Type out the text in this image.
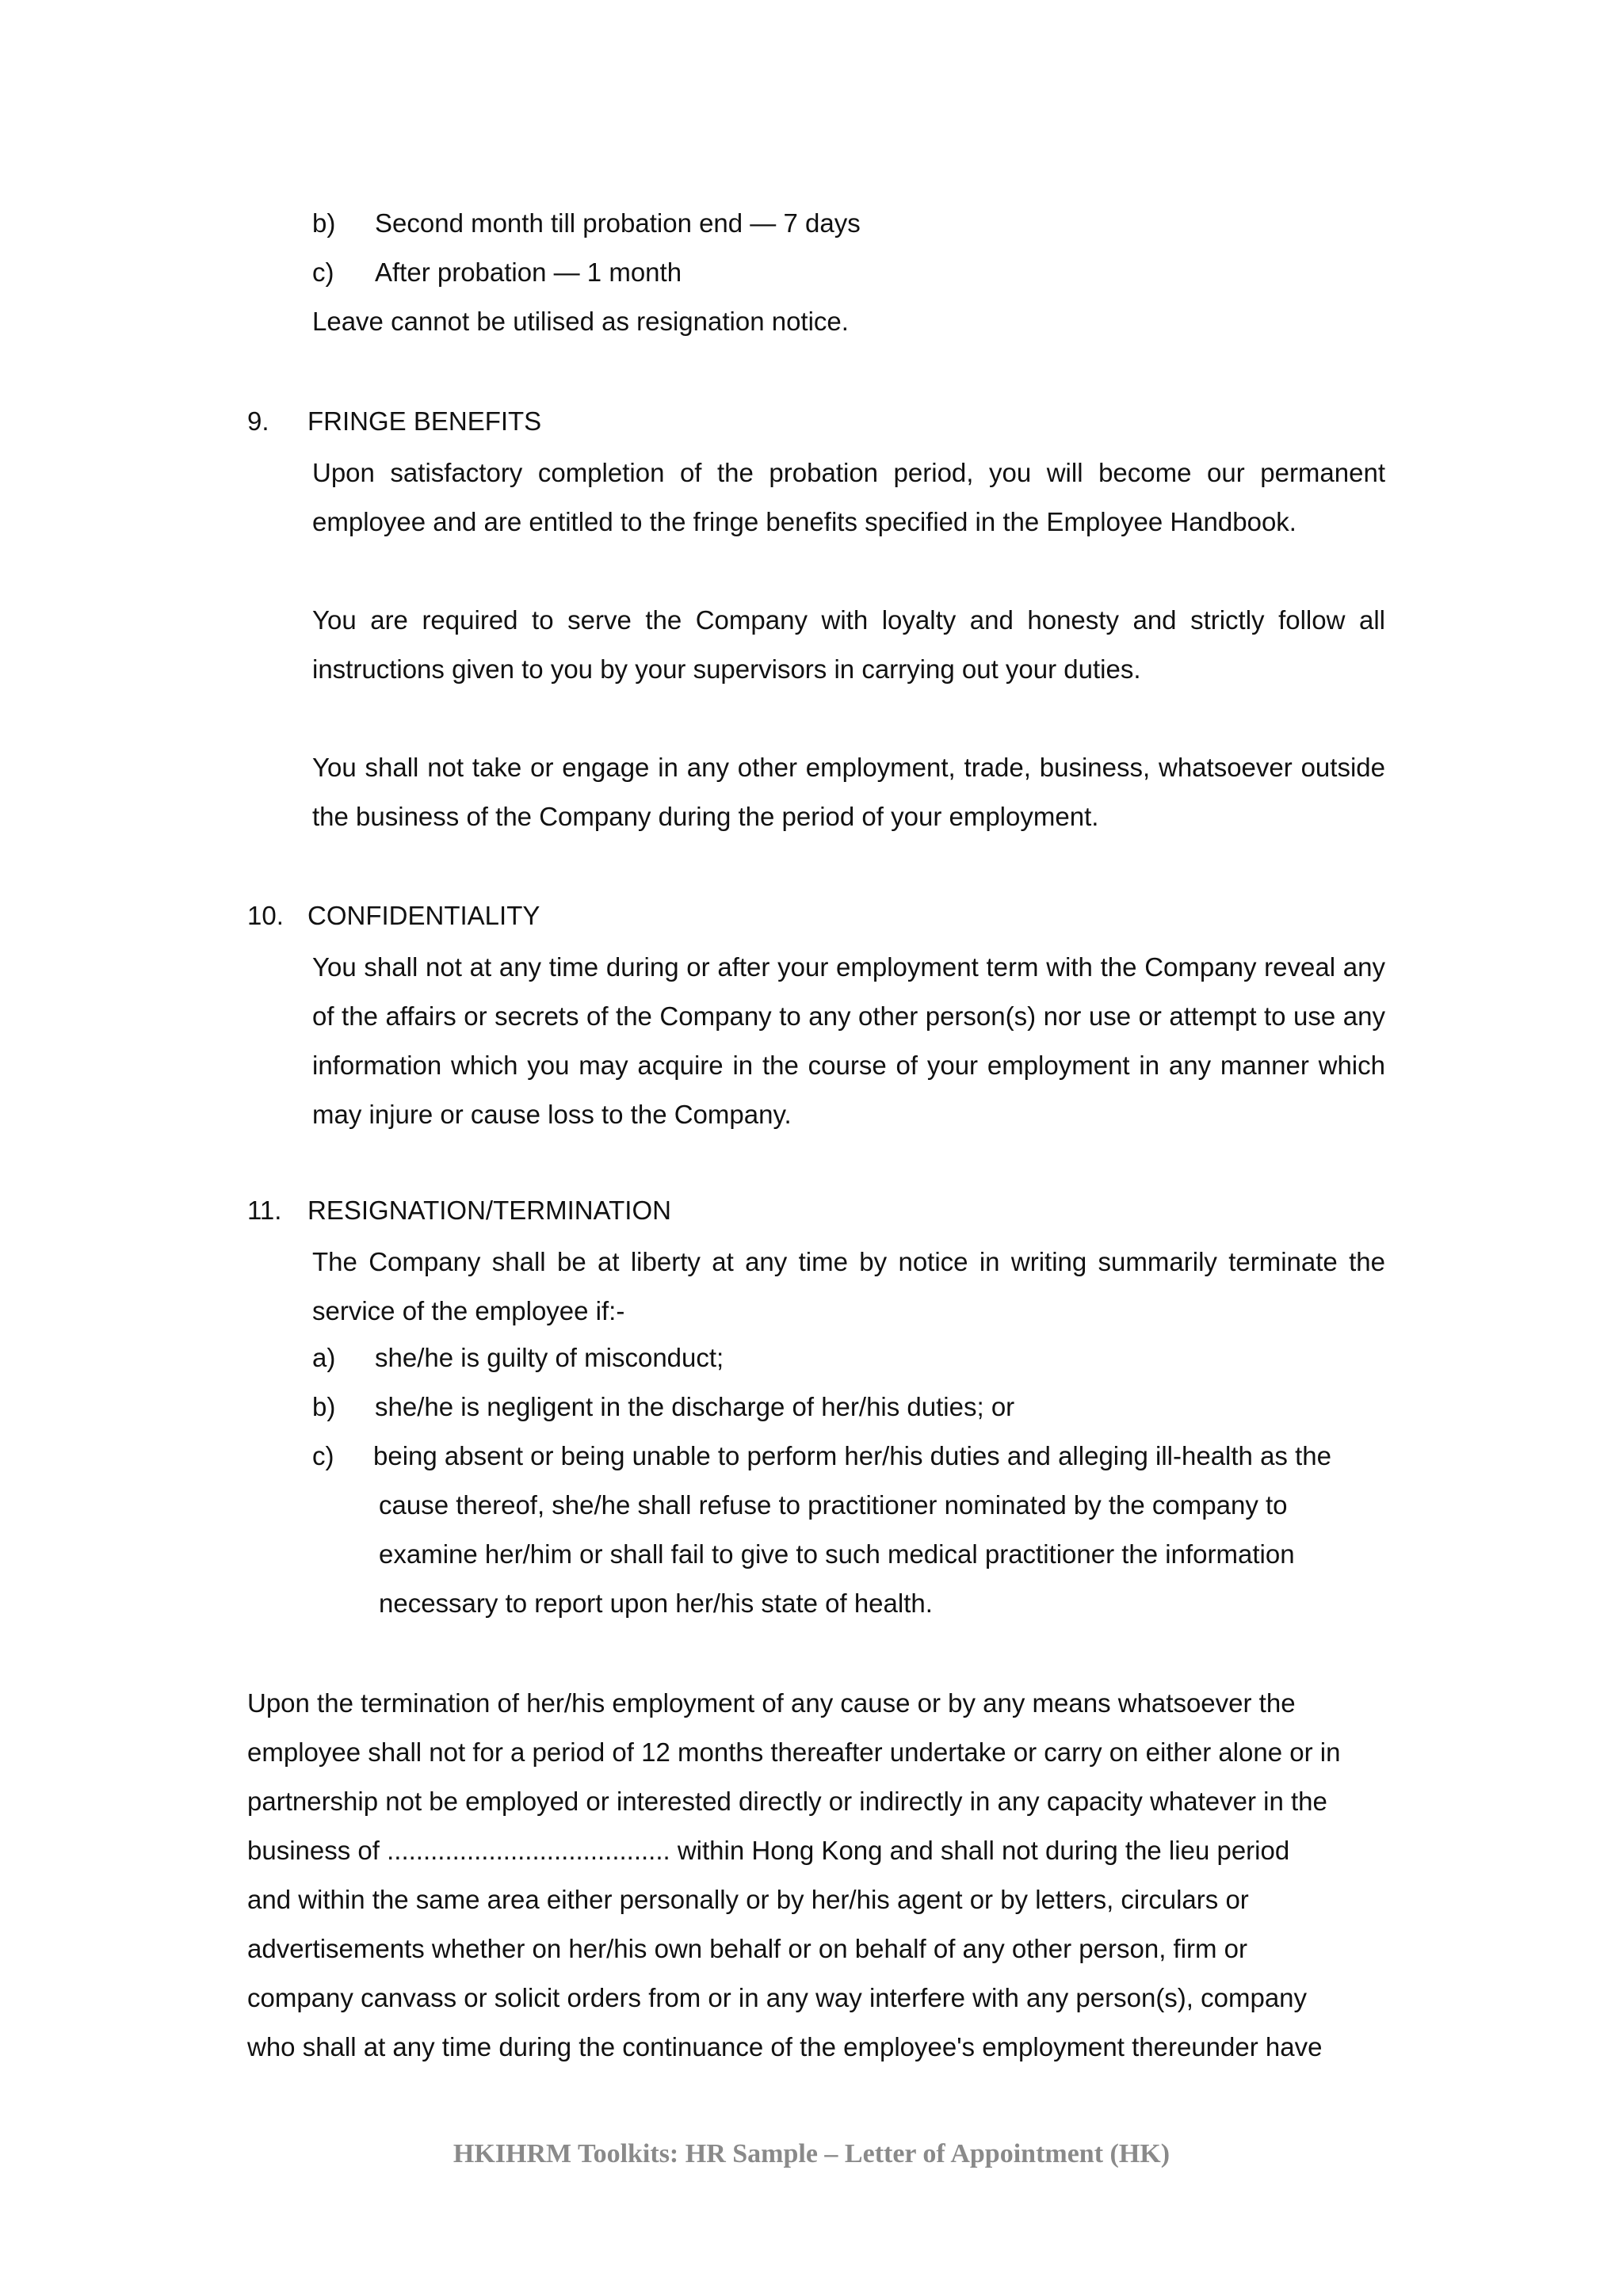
b) Second month till probation end — 7 days
c) After probation — 1 month
Leave cannot be utilised as resignation notice.
9. FRINGE BENEFITS
Upon satisfactory completion of the probation period, you will become our permanent employee and are entitled to the fringe benefits specified in the Employee Handbook.
You are required to serve the Company with loyalty and honesty and strictly follow all instructions given to you by your supervisors in carrying out your duties.
You shall not take or engage in any other employment, trade, business, whatsoever outside the business of the Company during the period of your employment.
10. CONFIDENTIALITY
You shall not at any time during or after your employment term with the Company reveal any of the affairs or secrets of the Company to any other person(s) nor use or attempt to use any information which you may acquire in the course of your employment in any manner which may injure or cause loss to the Company.
11. RESIGNATION/TERMINATION
The Company shall be at liberty at any time by notice in writing summarily terminate the service of the employee if:-
a) she/he is guilty of misconduct;
b) she/he is negligent in the discharge of her/his duties; or
c) being absent or being unable to perform her/his duties and alleging ill-health as the
cause thereof, she/he shall refuse to practitioner nominated by the company to
examine her/him or shall fail to give to such medical practitioner the information
necessary to report upon her/his state of health.
Upon the termination of her/his employment of any cause or by any means whatsoever the
employee shall not for a period of 12 months thereafter undertake or carry on either alone or in
partnership not be employed or interested directly or indirectly in any capacity whatever in the
business of ....................................... within Hong Kong and shall not during the lieu period
and within the same area either personally or by her/his agent or by letters, circulars or
advertisements whether on her/his own behalf or on behalf of any other person, firm or
company canvass or solicit orders from or in any way interfere with any person(s), company
who shall at any time during the continuance of the employee's employment thereunder have
HKIHRM Toolkits: HR Sample – Letter of Appointment (HK)
